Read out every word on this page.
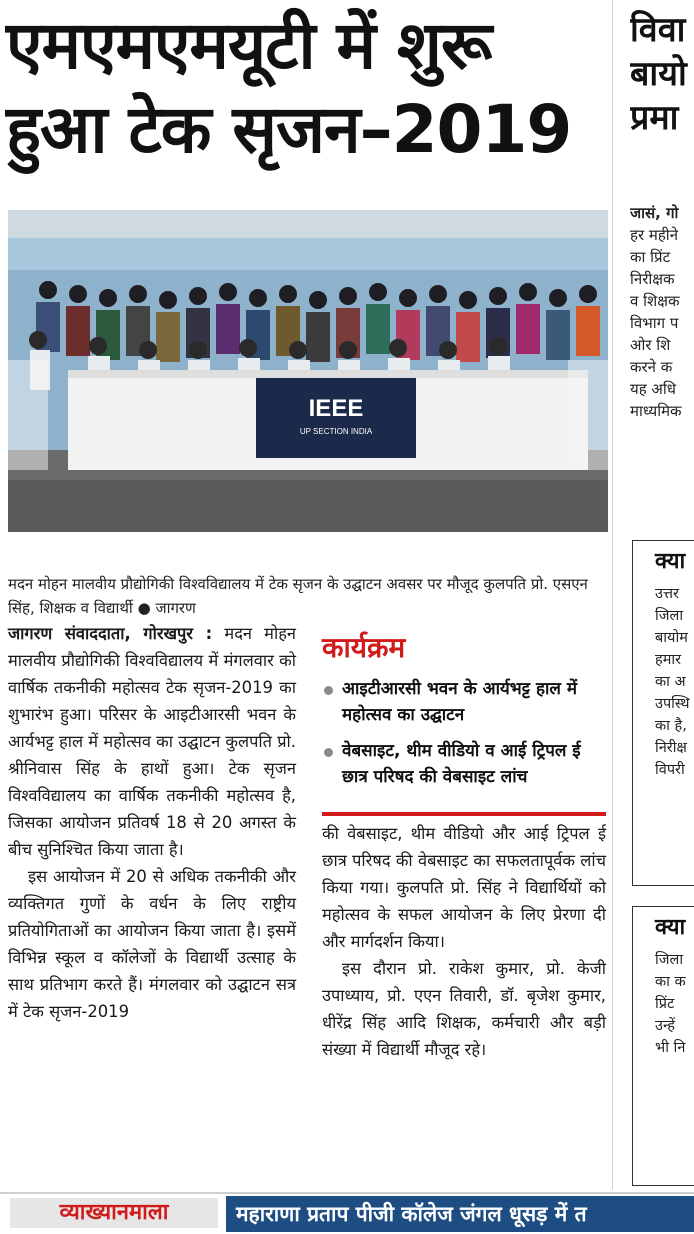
एमएमएमयूटी में शुरू
हुआ टेक सृजन–2019
IEEE
UP SECTION INDIA
मदन मोहन मालवीय प्रौद्योगिकी विश्वविद्यालय में टेक सृजन के उद्घाटन अवसर पर मौजूद कुलपति प्रो. एसएन सिंह, शिक्षक व विद्यार्थी ● जागरण

जागरण संवाददाता, गोरखपुर : मदन मोहन मालवीय प्रौद्योगिकी विश्वविद्यालय में मंगलवार को वार्षिक तकनीकी महोत्सव टेक सृजन-2019 का शुभारंभ हुआ। परिसर के आइटीआरसी भवन के आर्यभट्ट हाल में महोत्सव का उद्घाटन कुलपति प्रो. श्रीनिवास सिंह के हाथों हुआ। टेक सृजन विश्वविद्यालय का वार्षिक तकनीकी महोत्सव है, जिसका आयोजन प्रतिवर्ष 18 से 20 अगस्त के बीच सुनिश्चित किया जाता है।

इस आयोजन में 20 से अधिक तकनीकी और व्यक्तिगत गुणों के वर्धन के लिए राष्ट्रीय प्रतियोगिताओं का आयोजन किया जाता है। इसमें विभिन्न स्कूल व कॉलेजों के विद्यार्थी उत्साह के साथ प्रतिभाग करते हैं। मंगलवार को उद्घाटन सत्र में टेक सृजन-2019

कार्यक्रम
आइटीआरसी भवन के आर्यभट्ट हाल में महोत्सव का उद्घाटन
वेबसाइट, थीम वीडियो व आई ट्रिपल ई छात्र परिषद की वेबसाइट लांच

की वेबसाइट, थीम वीडियो और आई ट्रिपल ई छात्र परिषद की वेबसाइट का सफलतापूर्वक लांच किया गया। कुलपति प्रो. सिंह ने विद्यार्थियों को महोत्सव के सफल आयोजन के लिए प्रेरणा दी और मार्गदर्शन किया।

इस दौरान प्रो. राकेश कुमार, प्रो. केजी उपाध्याय, प्रो. एएन तिवारी, डॉ. बृजेश कुमार, धीरेंद्र सिंह आदि शिक्षक, कर्मचारी और बड़ी संख्या में विद्यार्थी मौजूद रहे।

विवा
बायो
प्रमा
जासं, गो
हर महीने
का प्रिंट
निरीक्षक
व शिक्षक
विभाग प
ओर शि
करने क
यह अधि
माध्यमिक
क्या
उत्तर
जिला
बायोम
हमार
का अ
उपस्थि
का है,
निरीक्ष
विपरी
क्या
जिला
का क
प्रिंट
उन्हें
भी नि
व्याख्यानमाला	महाराणा प्रताप पीजी कॉलेज जंगल धूसड़ में त
